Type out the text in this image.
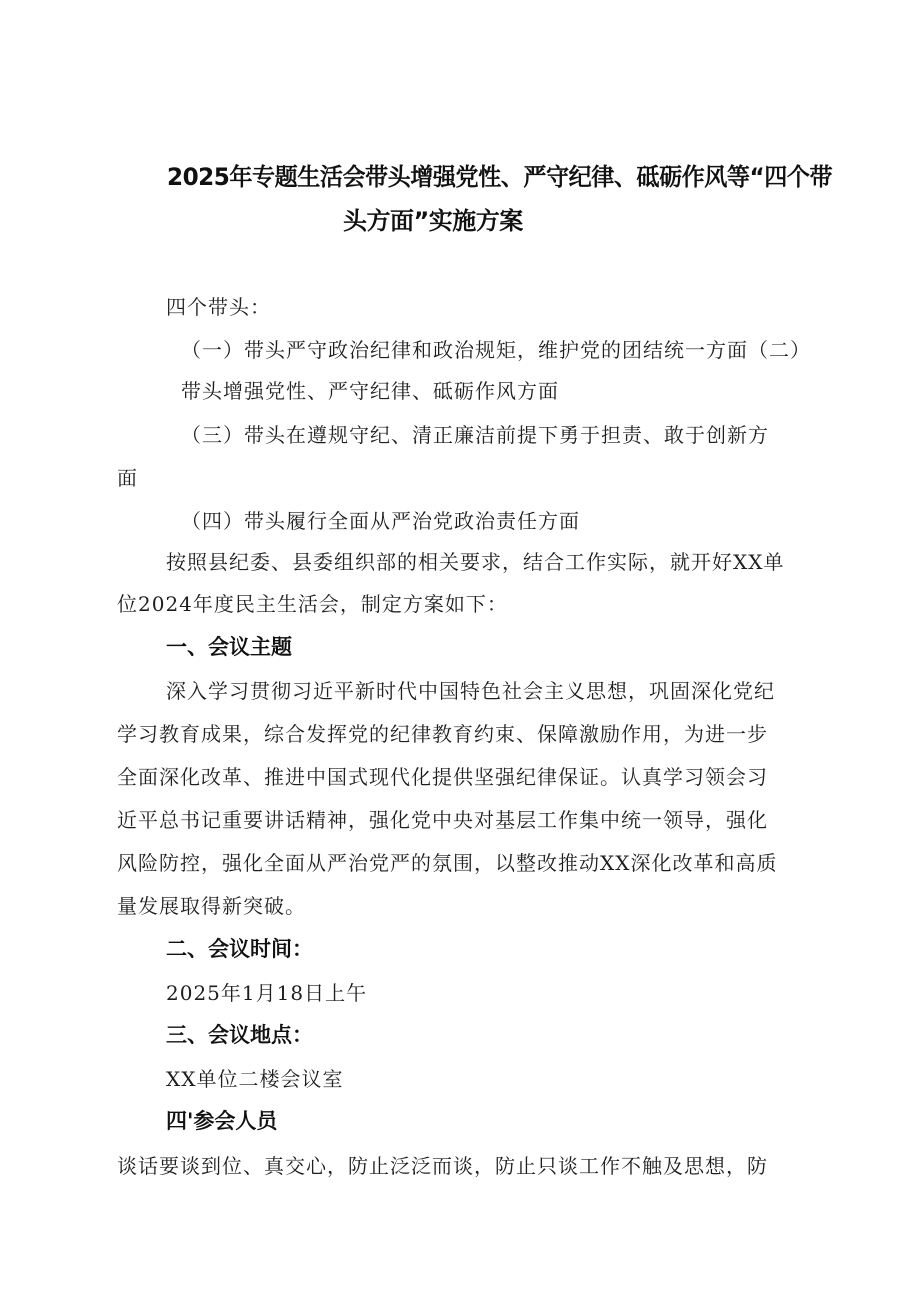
2025年专题生活会带头增强党性、严守纪律、砥砺作风等“四个带
头方面”实施方案

四个带头：

（一）带头严守政治纪律和政治规矩，维护党的团结统一方面（二）

带头增强党性、严守纪律、砥砺作风方面

（三）带头在遵规守纪、清正廉洁前提下勇于担责、敢于创新方

面

（四）带头履行全面从严治党政治责任方面

按照县纪委、县委组织部的相关要求，结合工作实际，就开好XX单

位2024年度民主生活会，制定方案如下：

一、会议主题

深入学习贯彻习近平新时代中国特色社会主义思想，巩固深化党纪

学习教育成果，综合发挥党的纪律教育约束、保障激励作用，为进一步

全面深化改革、推进中国式现代化提供坚强纪律保证。认真学习领会习

近平总书记重要讲话精神，强化党中央对基层工作集中统一领导，强化

风险防控，强化全面从严治党严的氛围，以整改推动XX深化改革和高质

量发展取得新突破。

二、会议时间：

2025年1月18日上午

三、会议地点：

XX单位二楼会议室

四'参会人员

谈话要谈到位、真交心，防止泛泛而谈，防止只谈工作不触及思想，防
